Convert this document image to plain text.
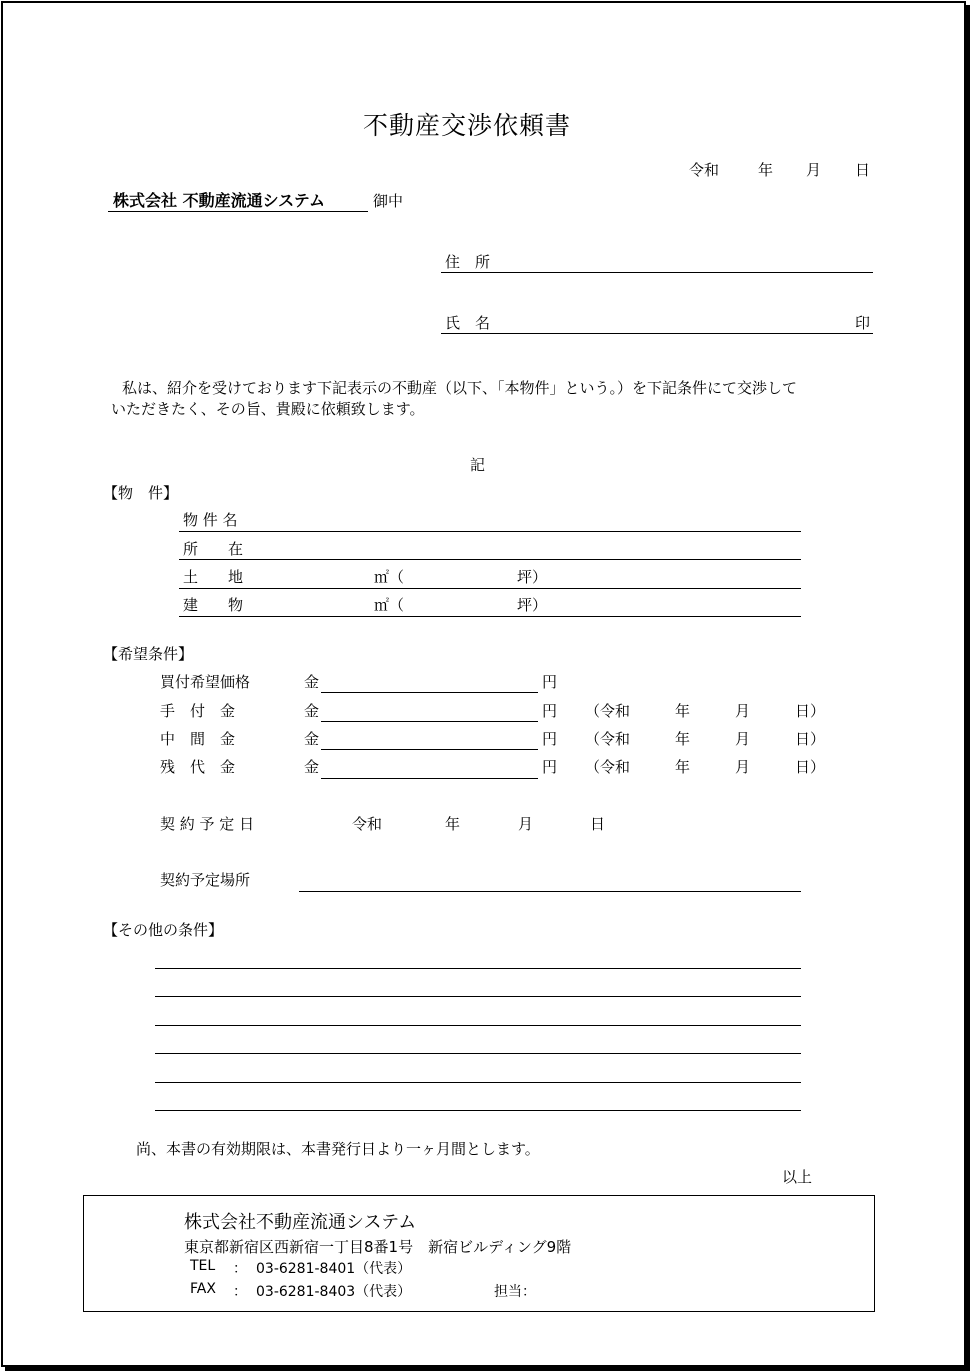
不動産交渉依頼書
令和	年 月 日
株式会社 不動産流通システム	御中
住　所
氏　名	印
私は、紹介を受けております下記表示の不動産（以下、「本物件」という。）を下記条件にて交渉して
いただきたく、その旨、貴殿に依頼致します。
記
【物　件】
物 件 名
所　　在
土　　地	㎡（	坪）
建　　物	㎡（	坪）
【希望条件】
買付希望価格	金	円
手　付　金	金	円 （令和　　　年　　　月　　　日）
中　間　金	金	円 （令和　　　年　　　月　　　日）
残　代　金	金	円 （令和　　　年　　　月　　　日）
契 約 予 定 日	令和	年	月	日
契約予定場所
【その他の条件】
尚、本書の有効期限は、本書発行日より一ヶ月間とします。
以上
株式会社不動産流通システム
東京都新宿区西新宿一丁目8番1号　新宿ビルディング9階
TEL ： 03-6281-8401（代表）
FAX ： 03-6281-8403（代表）	担当：
